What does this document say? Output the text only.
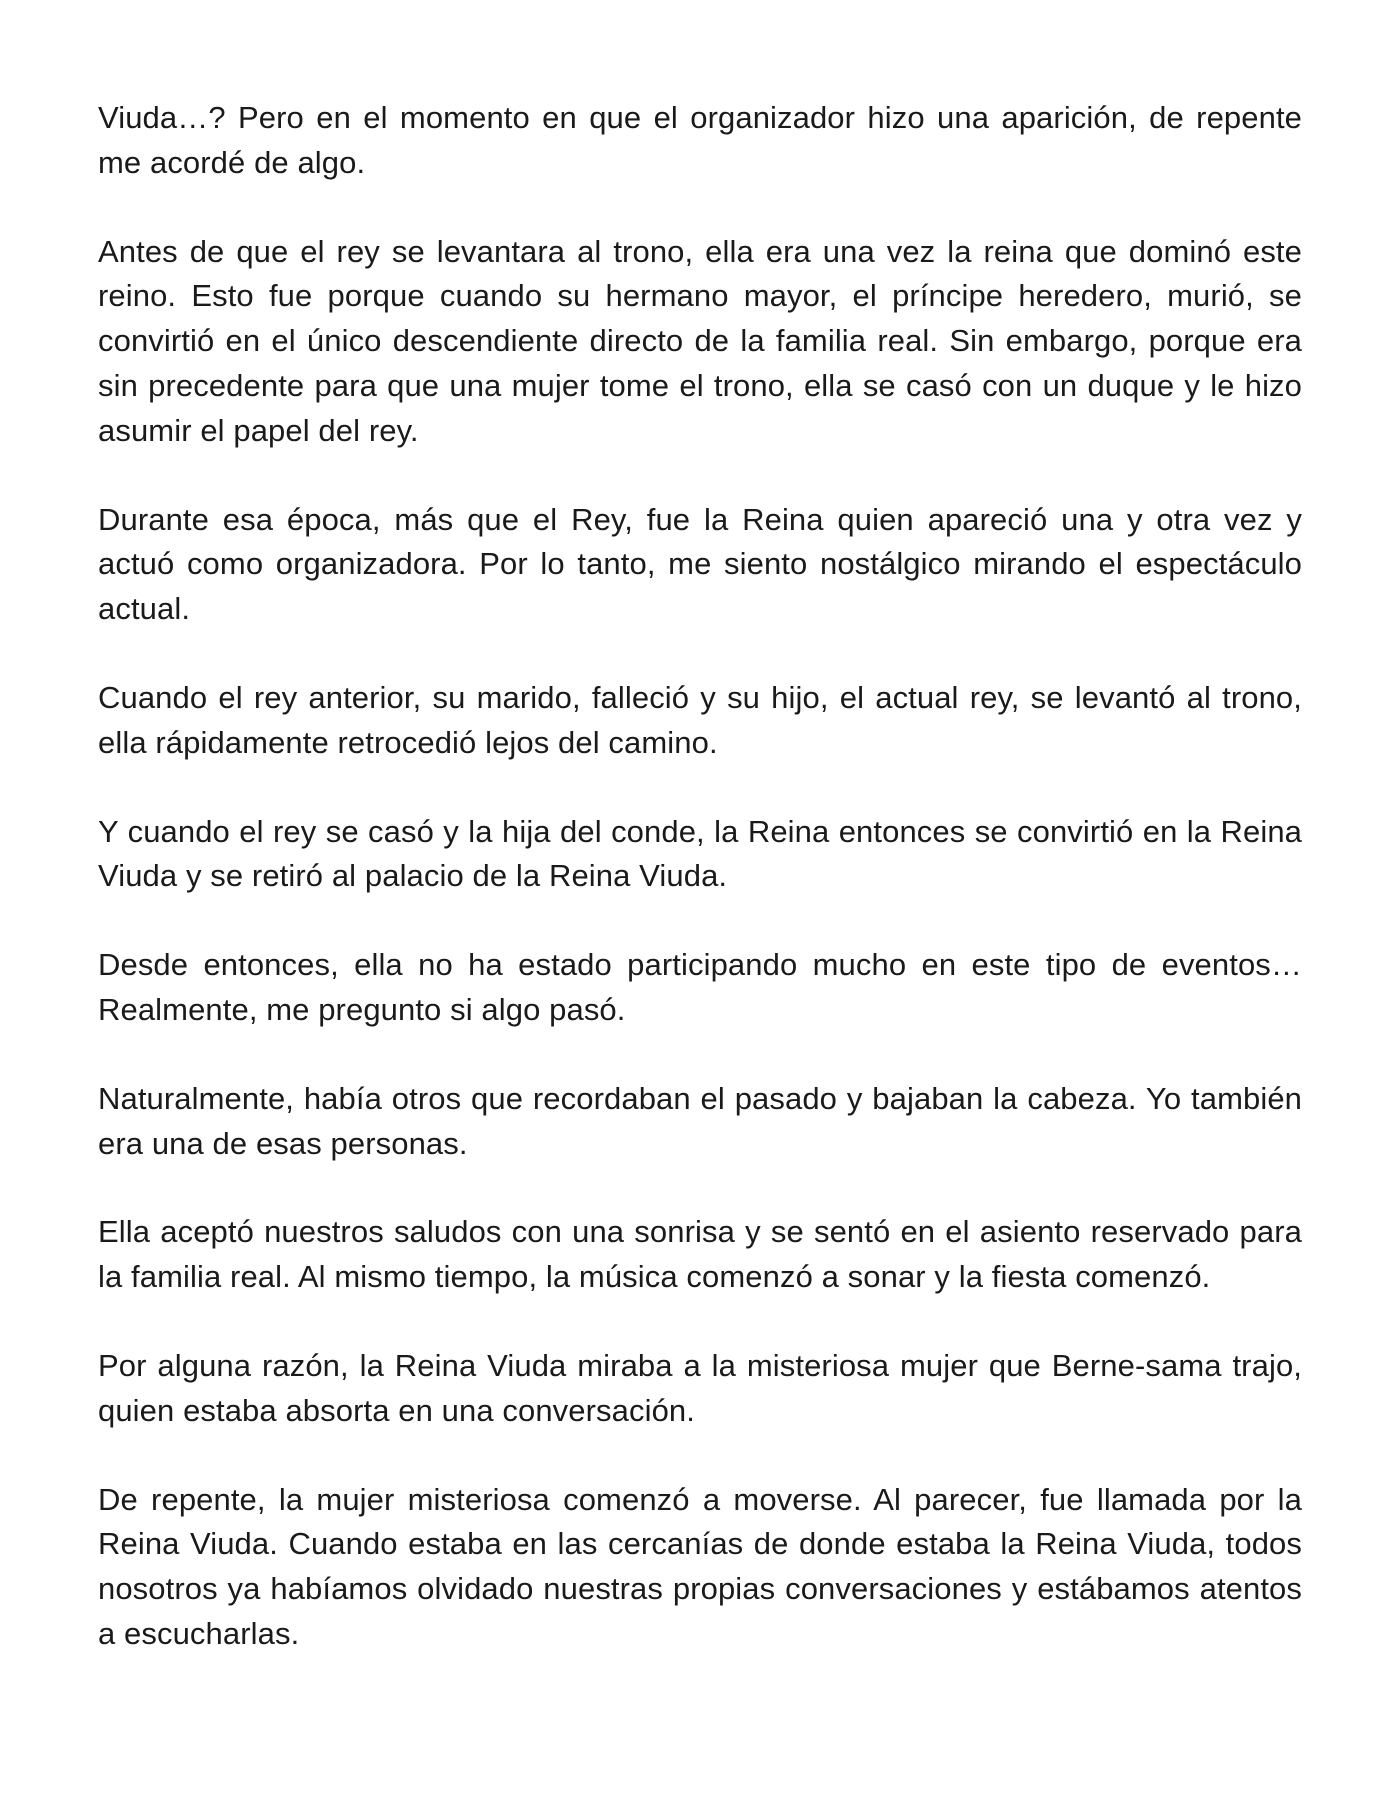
Viuda…? Pero en el momento en que el organizador hizo una aparición, de repente me acordé de algo.

Antes de que el rey se levantara al trono, ella era una vez la reina que dominó este reino. Esto fue porque cuando su hermano mayor, el príncipe heredero, murió, se convirtió en el único descendiente directo de la familia real. Sin embargo, porque era sin precedente para que una mujer tome el trono, ella se casó con un duque y le hizo asumir el papel del rey.

Durante esa época, más que el Rey, fue la Reina quien apareció una y otra vez y actuó como organizadora. Por lo tanto, me siento nostálgico mirando el espectáculo actual.

Cuando el rey anterior, su marido, falleció y su hijo, el actual rey, se levantó al trono, ella rápidamente retrocedió lejos del camino.

Y cuando el rey se casó y la hija del conde, la Reina entonces se convirtió en la Reina Viuda y se retiró al palacio de la Reina Viuda.

Desde entonces, ella no ha estado participando mucho en este tipo de eventos… Realmente, me pregunto si algo pasó.

Naturalmente, había otros que recordaban el pasado y bajaban la cabeza. Yo también era una de esas personas.

Ella aceptó nuestros saludos con una sonrisa y se sentó en el asiento reservado para la familia real. Al mismo tiempo, la música comenzó a sonar y la fiesta comenzó.

Por alguna razón, la Reina Viuda miraba a la misteriosa mujer que Berne-sama trajo, quien estaba absorta en una conversación.

De repente, la mujer misteriosa comenzó a moverse. Al parecer, fue llamada por la Reina Viuda. Cuando estaba en las cercanías de donde estaba la Reina Viuda, todos nosotros ya habíamos olvidado nuestras propias conversaciones y estábamos atentos a escucharlas.
